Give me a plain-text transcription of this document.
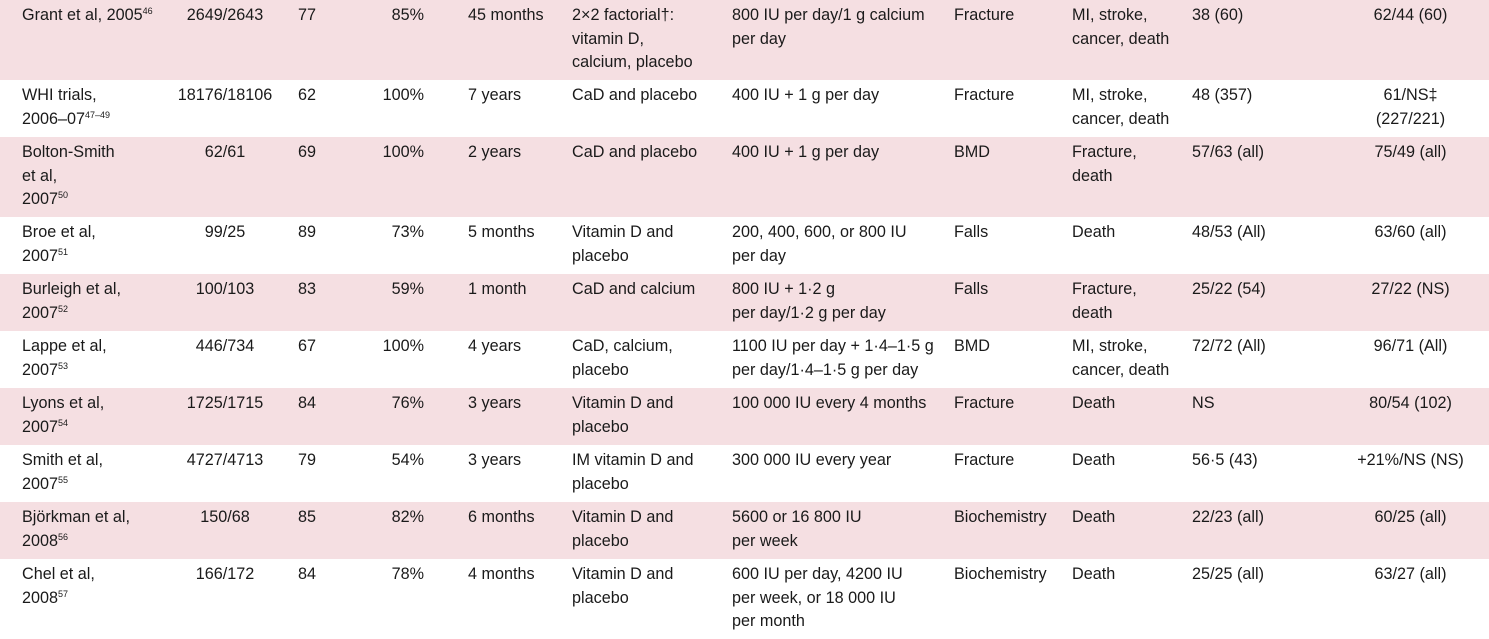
Grant et al, 2005$^{46}$	2649/2643	77	85%	45 months	2×2 factorial†:
vitamin D,
calcium, placebo	800 IU per day/1 g calcium
per day	Fracture	MI, stroke,
cancer, death	38 (60)	62/44 (60)

WHI trials,
2006–07$^{47-49}$	18176/18106	62	100%	7 years	CaD and placebo	400 IU + 1 g per day	Fracture	MI, stroke,
cancer, death	48 (357)	61/NS‡
(227/221)

Bolton-Smith
et al,
2007$^{50}$	62/61	69	100%	2 years	CaD and placebo	400 IU + 1 g per day	BMD	Fracture,
death	57/63 (all)	75/49 (all)

Broe et al,
2007$^{51}$	99/25	89	73%	5 months	Vitamin D and
placebo	200, 400, 600, or 800 IU
per day	Falls	Death	48/53 (All)	63/60 (all)

Burleigh et al,
2007$^{52}$	100/103	83	59%	1 month	CaD and calcium	800 IU + 1·2 g
per day/1·2 g per day	Falls	Fracture,
death	25/22 (54)	27/22 (NS)

Lappe et al,
2007$^{53}$	446/734	67	100%	4 years	CaD, calcium,
placebo	1100 IU per day + 1·4–1·5 g
per day/1·4–1·5 g per day	BMD	MI, stroke,
cancer, death	72/72 (All)	96/71 (All)

Lyons et al,
2007$^{54}$	1725/1715	84	76%	3 years	Vitamin D and
placebo	100 000 IU every 4 months	Fracture	Death	NS	80/54 (102)

Smith et al,
2007$^{55}$	4727/4713	79	54%	3 years	IM vitamin D and
placebo	300 000 IU every year	Fracture	Death	56·5 (43)	+21%/NS (NS)

Björkman et al,
2008$^{56}$	150/68	85	82%	6 months	Vitamin D and
placebo	5600 or 16 800 IU
per week	Biochemistry	Death	22/23 (all)	60/25 (all)

Chel et al,
2008$^{57}$	166/172	84	78%	4 months	Vitamin D and
placebo	600 IU per day, 4200 IU
per week, or 18 000 IU
per month	Biochemistry	Death	25/25 (all)	63/27 (all)
